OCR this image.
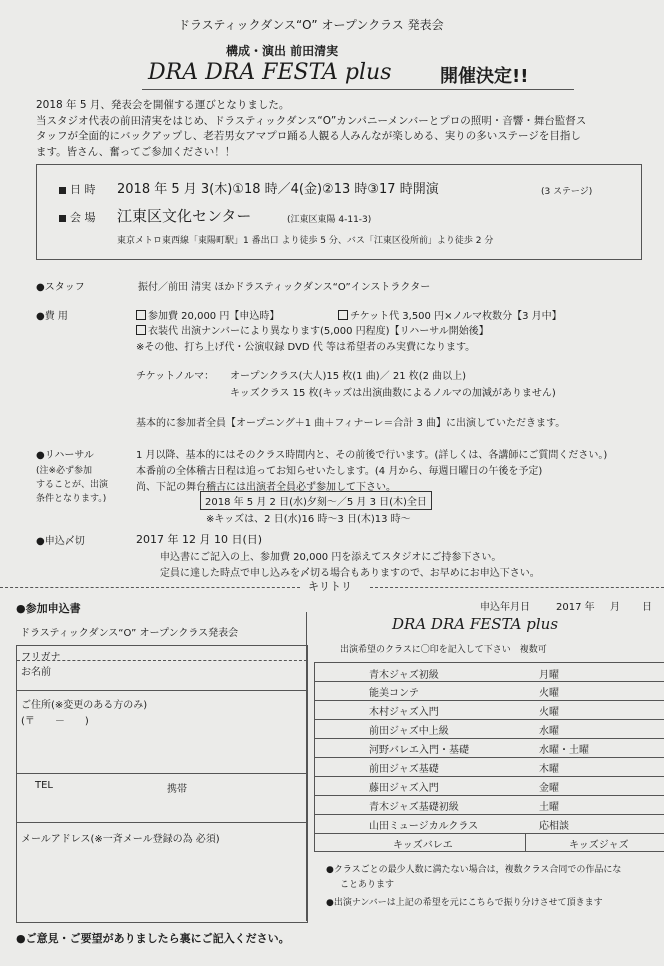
ドラスティックダンス“O” オープンクラス 発表会
構成・演出 前田清実
DRA DRA FESTA plus	開催決定!!
2018 年 5 月、発表会を開催する運びとなりました。
当スタジオ代表の前田清実をはじめ、ドラスティックダンス“O”カンパニーメンバーとプロの照明・音響・舞台監督ス
タッフが全面的にバックアップし、老若男女アマプロ踊る人観る人みんなが楽しめる、実りの多いステージを目指し
ます。皆さん、奮ってご参加ください！！
日 時 2018 年 5 月 3(木)①18 時／4(金)②13 時③17 時開演	(3 ステージ)
会 場 江東区文化センター	(江東区東陽 4-11-3)
東京メトロ東西線「東陽町駅」1 番出口 より徒歩 5 分、バス「江東区役所前」より徒歩 2 分
●スタッフ	振付／前田 清実 ほかドラスティックダンス“O”インストラクター
●費 用	参加費 20,000 円【申込時】	チケット代 3,500 円×ノルマ枚数分【3 月中】
衣装代 出演ナンバーにより異なります(5,000 円程度)【リハーサル開始後】
※その他、打ち上げ代・公演収録 DVD 代 等は希望者のみ実費になります。
チケットノルマ： オープンクラス(大人)15 枚(1 曲)／ 21 枚(2 曲以上)
キッズクラス 15 枚(キッズは出演曲数によるノルマの加減がありません)
基本的に参加者全員【オープニング＋1 曲＋フィナーレ＝合計 3 曲】に出演していただきます。
●リハーサル
(注※必ず参加
することが、出演
条件となります。)
1 月以降、基本的にはそのクラス時間内と、その前後で行います。(詳しくは、各講師にご質問ください。)
本番前の全体稽古日程は追ってお知らせいたします。(4 月から、毎週日曜日の午後を予定)
尚、下記の舞台稽古には出演者全員必ず参加して下さい。
2018 年 5 月 2 日(水)夕刻～／5 月 3 日(木)全日
※キッズは、2 日(水)16 時～3 日(木)13 時～
●申込〆切	2017 年 12 月 10 日(日)
申込書にご記入の上、参加費 20,000 円を添えてスタジオにご持参下さい。
定員に達した時点で申し込みを〆切る場合もありますので、お早めにお申込下さい。
キリトリ
●参加申込書
ドラスティックダンス“O” オープンクラス発表会
申込年月日	2017 年 月 日
フリガナ
お名前
ご住所(※変更のある方のみ)
(〒　　－　　)
TEL	携帯
メールアドレス(※一斉メール登録の為 必須)
●ご意見・ご要望がありましたら裏にご記入ください。
DRA DRA FESTA plus
出演希望のクラスに〇印を記入して下さい　複数可
青木ジャズ初級	月曜
能美コンテ	火曜
木村ジャズ入門	火曜
前田ジャズ中上級	水曜
河野バレエ入門・基礎	水曜・土曜
前田ジャズ基礎	木曜
藤田ジャズ入門	金曜
青木ジャズ基礎初級	土曜
山田ミュージカルクラス	応相談
キッズバレエ	キッズジャズ
●クラスごとの最少人数に満たない場合は，複数クラス合同での作品にな
ことあります
●出演ナンバーは上記の希望を元にこちらで振り分けさせて頂きます
